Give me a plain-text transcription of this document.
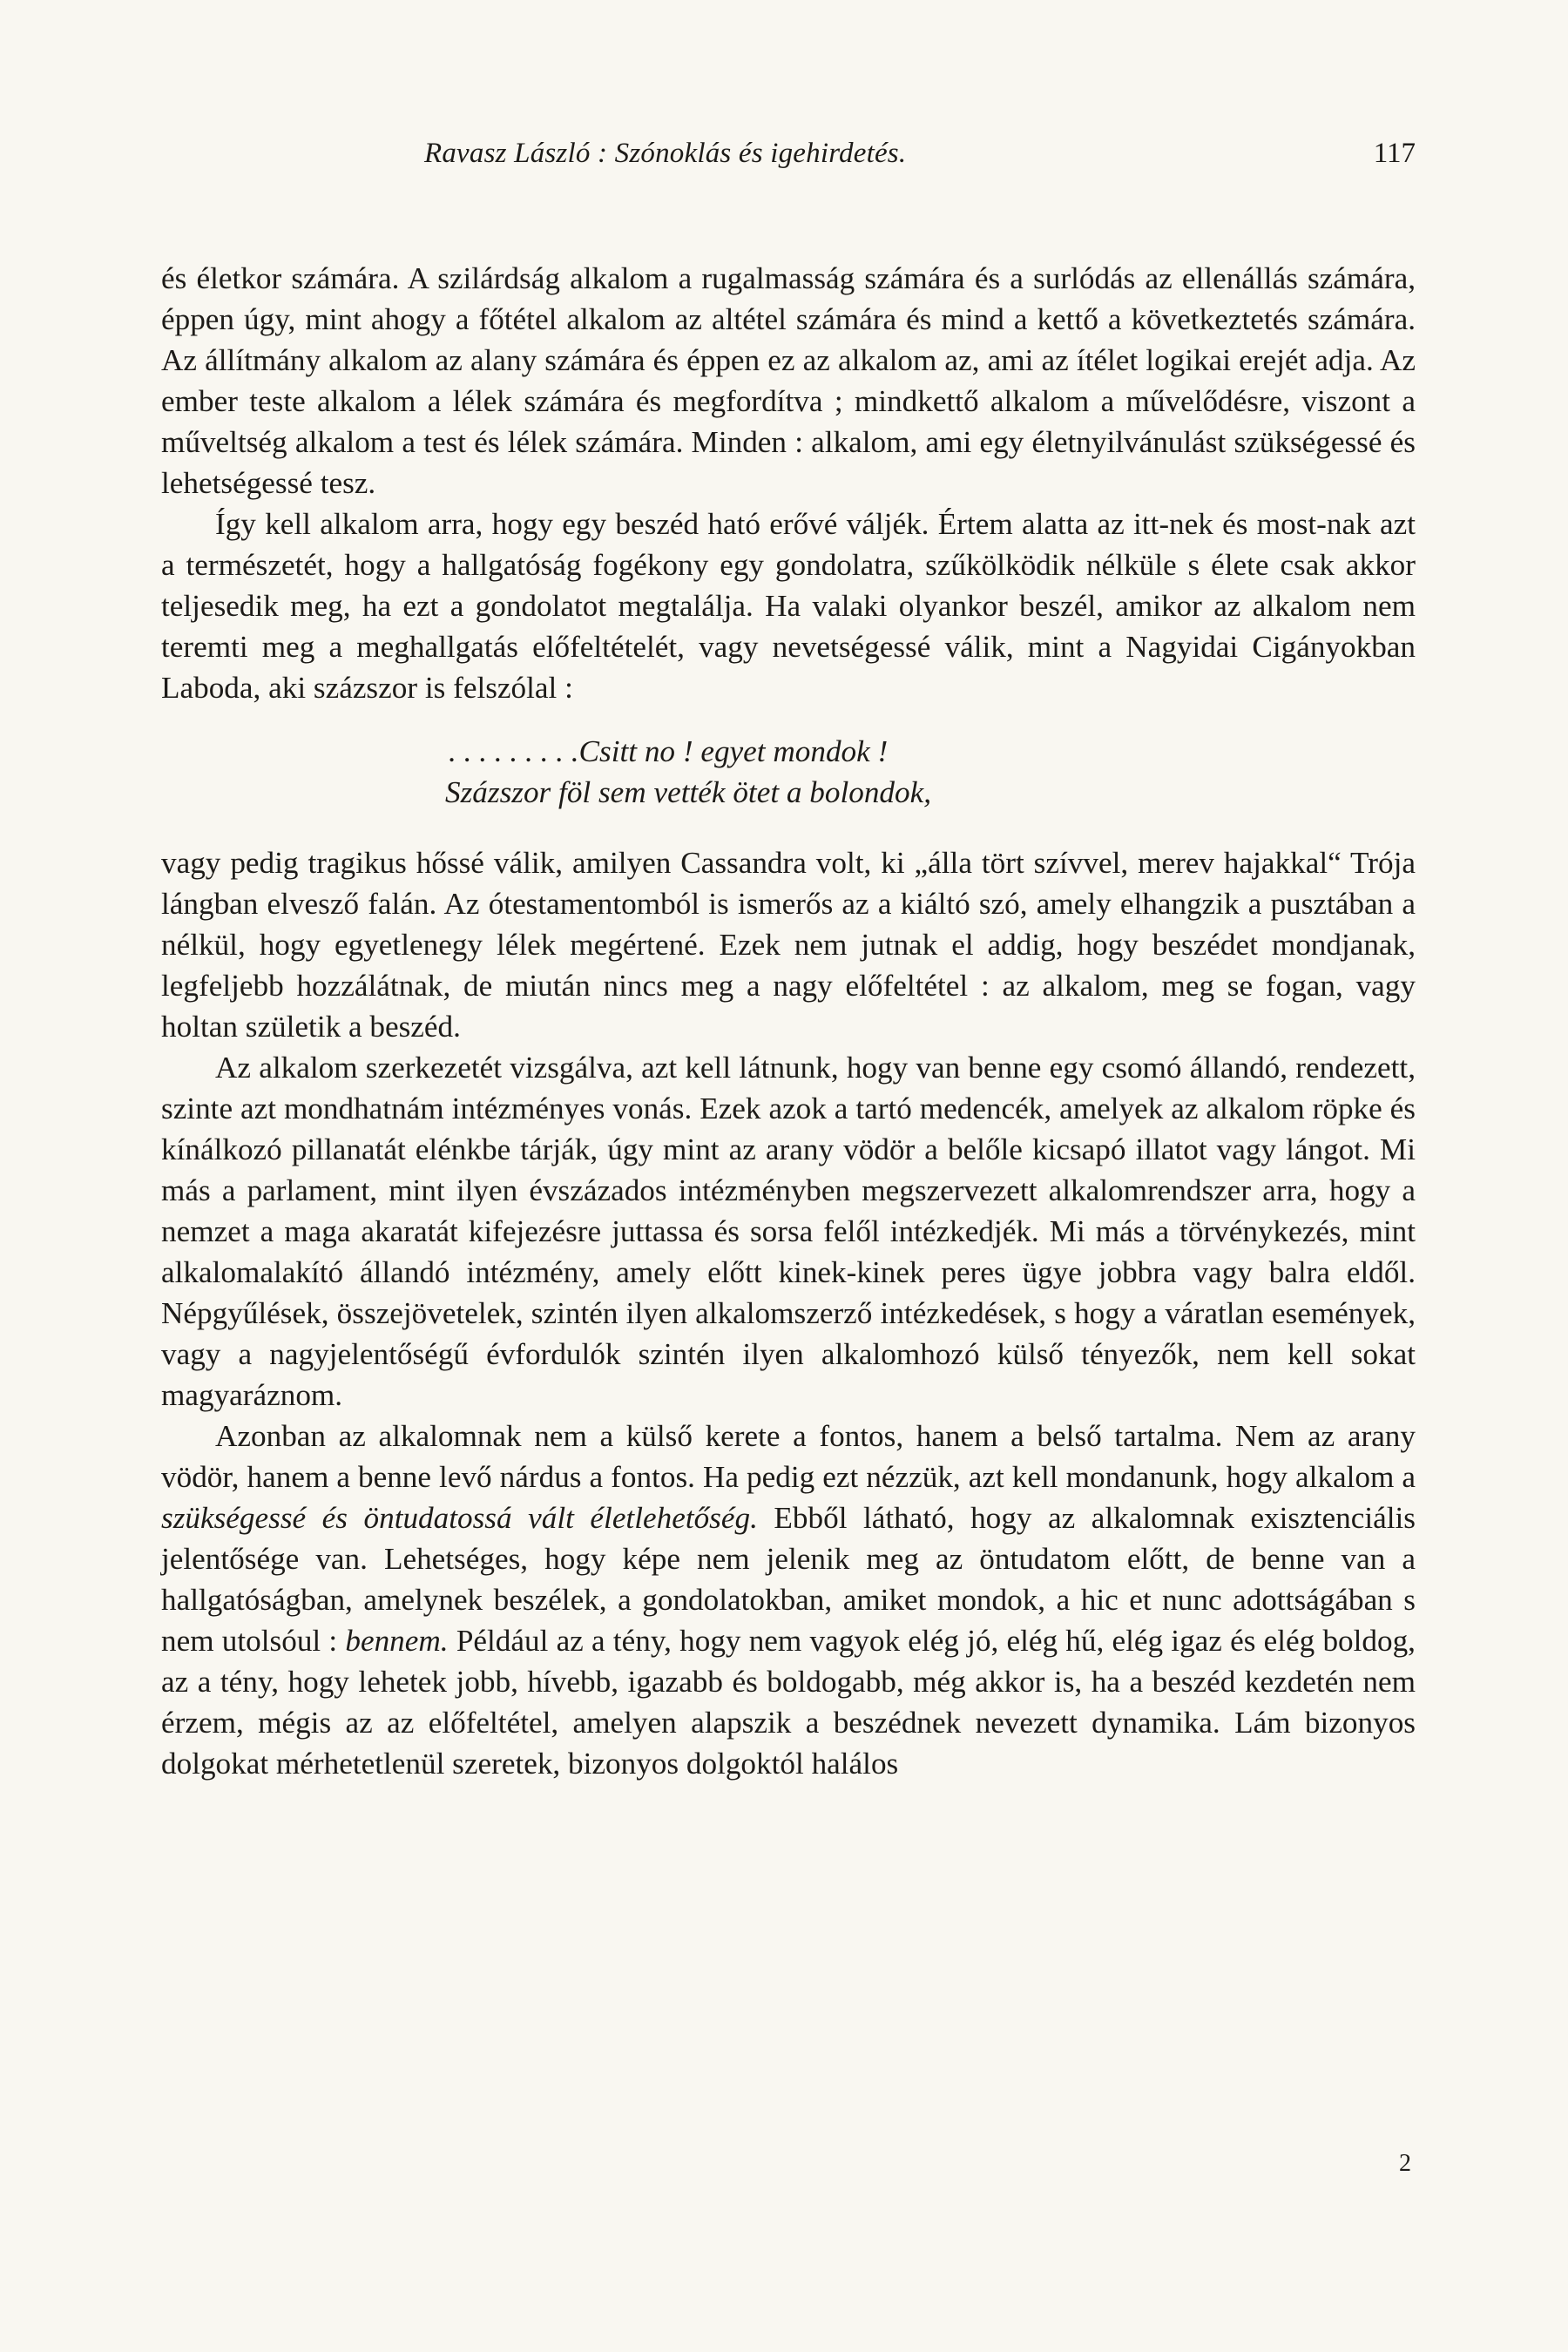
Ravasz László : Szónoklás és igehirdetés.	117

és életkor számára. A szilárdság alkalom a rugalmasság számára és a surlódás az ellenállás számára, éppen úgy, mint ahogy a főtétel alkalom az altétel számára és mind a kettő a következtetés számára. Az állítmány alkalom az alany számára és éppen ez az alkalom az, ami az ítélet logikai erejét adja. Az ember teste alkalom a lélek számára és megfordítva ; mindkettő alkalom a művelődésre, viszont a műveltség alkalom a test és lélek számára. Minden : alkalom, ami egy életnyilvánulást szükségessé és lehetségessé tesz.

Így kell alkalom arra, hogy egy beszéd ható erővé váljék. Értem alatta az itt-nek és most-nak azt a természetét, hogy a hallgatóság fogékony egy gondolatra, szűkölködik nélküle s élete csak akkor teljesedik meg, ha ezt a gondolatot megtalálja. Ha valaki olyankor beszél, amikor az alkalom nem teremti meg a meghallgatás előfeltételét, vagy nevetségessé válik, mint a Nagyidai Cigányokban Laboda, aki százszor is felszólal :

. . . . . . . . .Csitt no ! egyet mondok !
Százszor föl sem vették ötet a bolondok,

vagy pedig tragikus hőssé válik, amilyen Cassandra volt, ki „álla tört szívvel, merev hajakkal“ Trója lángban elvesző falán. Az ótestamentomból is ismerős az a kiáltó szó, amely elhangzik a pusztában a nélkül, hogy egyetlenegy lélek megértené. Ezek nem jutnak el addig, hogy beszédet mondjanak, legfeljebb hozzálátnak, de miután nincs meg a nagy előfeltétel : az alkalom, meg se fogan, vagy holtan születik a beszéd.

Az alkalom szerkezetét vizsgálva, azt kell látnunk, hogy van benne egy csomó állandó, rendezett, szinte azt mondhatnám intézményes vonás. Ezek azok a tartó medencék, amelyek az alkalom röpke és kínálkozó pillanatát elénkbe tárják, úgy mint az arany vödör a belőle kicsapó illatot vagy lángot. Mi más a parlament, mint ilyen évszázados intézményben megszervezett alkalomrendszer arra, hogy a nemzet a maga akaratát kifejezésre juttassa és sorsa felől intézkedjék. Mi más a törvénykezés, mint alkalomalakító állandó intézmény, amely előtt kinek-kinek peres ügye jobbra vagy balra eldől. Népgyűlések, összejövetelek, szintén ilyen alkalomszerző intézkedések, s hogy a váratlan események, vagy a nagyjelentőségű évfordulók szintén ilyen alkalomhozó külső tényezők, nem kell sokat magyaráznom.

Azonban az alkalomnak nem a külső kerete a fontos, hanem a belső tartalma. Nem az arany vödör, hanem a benne levő nárdus a fontos. Ha pedig ezt nézzük, azt kell mondanunk, hogy alkalom a szükségessé és öntudatossá vált életlehetőség. Ebből látható, hogy az alkalomnak exisztenciális jelentősége van. Lehetséges, hogy képe nem jelenik meg az öntudatom előtt, de benne van a hallgatóságban, amelynek beszélek, a gondolatokban, amiket mondok, a hic et nunc adottságában s nem utolsóul : bennem. Például az a tény, hogy nem vagyok elég jó, elég hű, elég igaz és elég boldog, az a tény, hogy lehetek jobb, hívebb, igazabb és boldogabb, még akkor is, ha a beszéd kezdetén nem érzem, mégis az az előfeltétel, amelyen alapszik a beszédnek nevezett dynamika. Lám bizonyos dolgokat mérhetetlenül szeretek, bizonyos dolgoktól halálos

2
